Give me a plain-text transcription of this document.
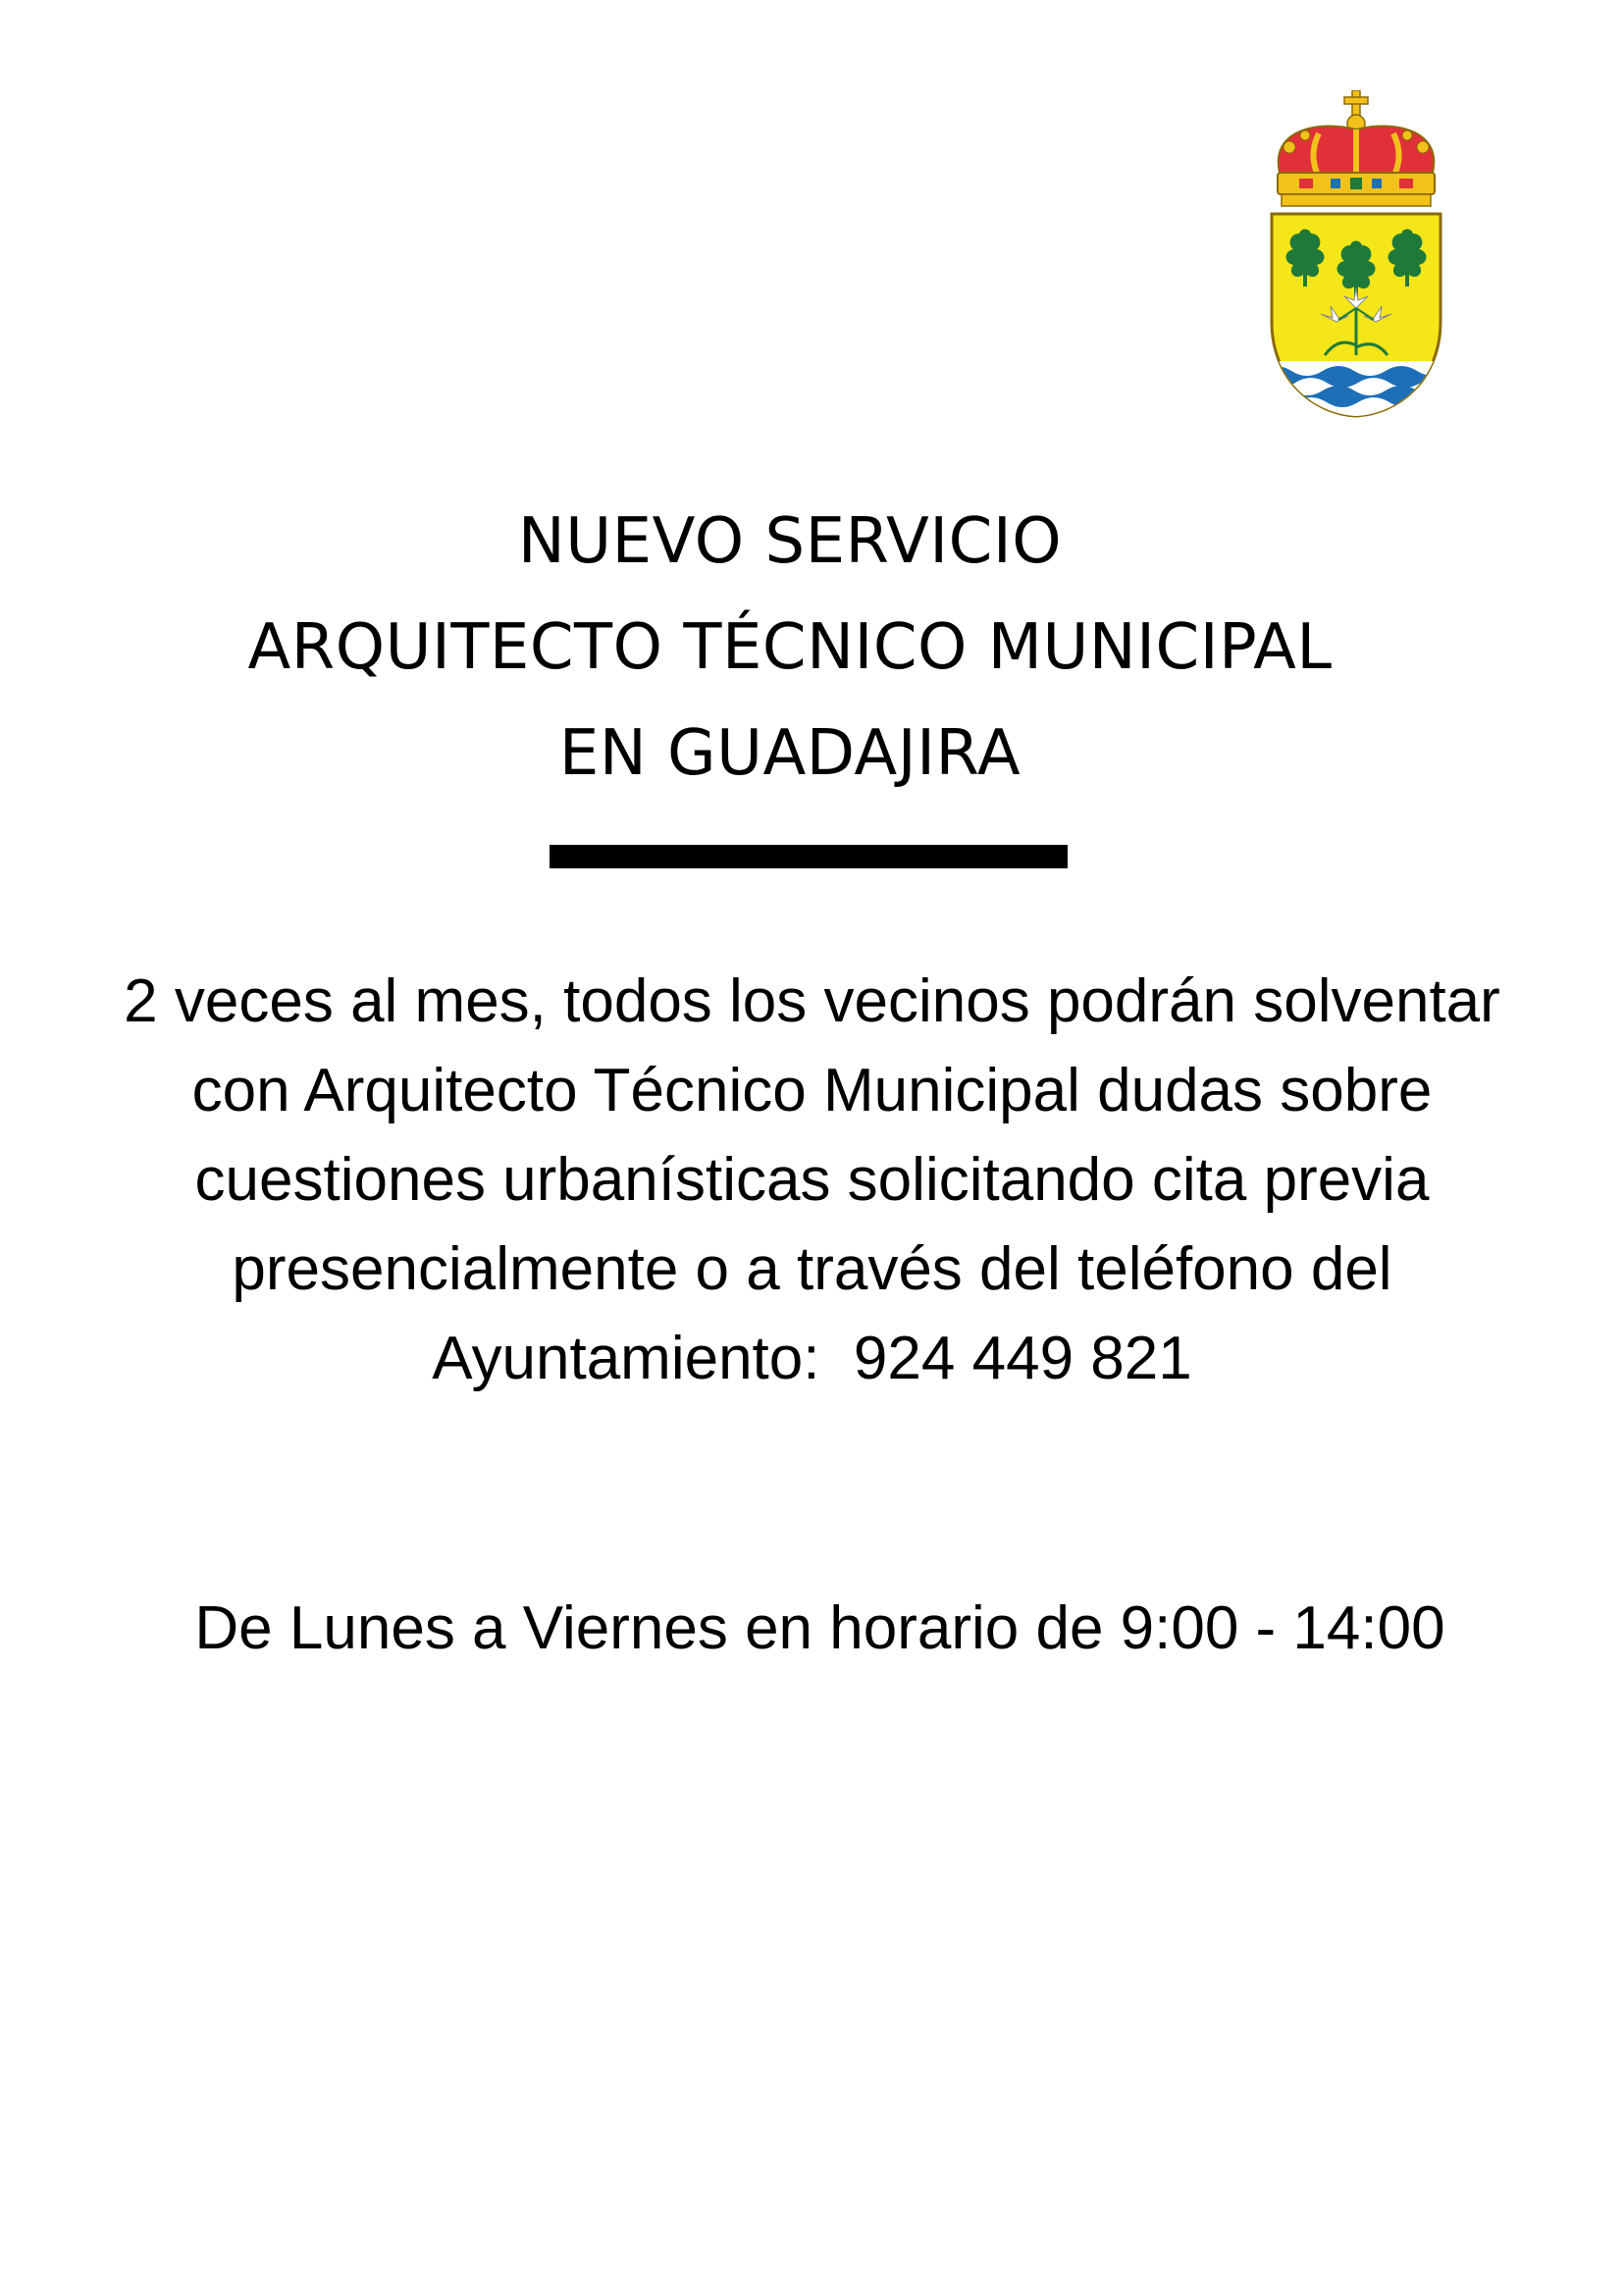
NUEVO SERVICIO
ARQUITECTO TÉCNICO MUNICIPAL
EN GUADAJIRA
2 veces al mes, todos los vecinos podrán solventar
con Arquitecto Técnico Municipal dudas sobre
cuestiones urbanísticas solicitando cita previa
presencialmente o a través del teléfono del
Ayuntamiento:  924 449 821
De Lunes a Viernes en horario de 9:00 - 14:00
